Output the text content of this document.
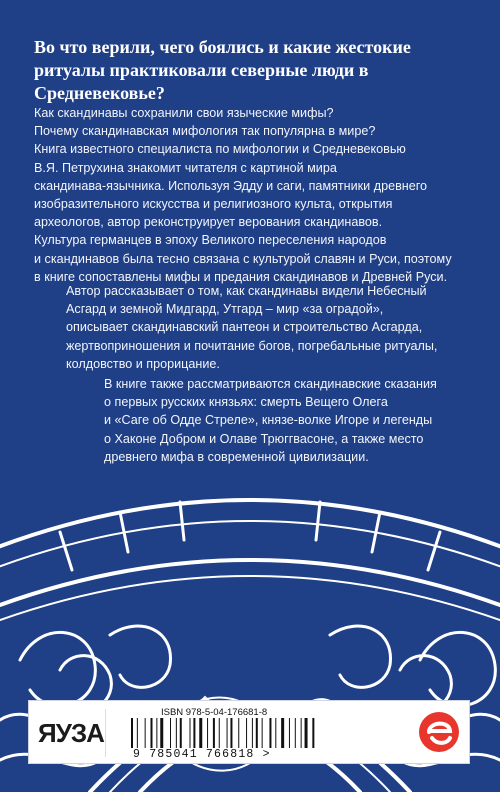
Во что верили, чего боялись и какие жестокие ритуалы практиковали северные люди в Средневековье?

Как скандинавы сохранили свои языческие мифы?
Почему скандинавская мифология так популярна в мире?
Книга известного специалиста по мифологии и Средневековью
В.Я. Петрухина знакомит читателя с картиной мира
скандинава-язычника. Используя Эдду и саги, памятники древнего
изобразительного искусства и религиозного культа, открытия
археологов, автор реконструирует верования скандинавов.
Культура германцев в эпоху Великого переселения народов
и скандинавов была тесно связана с культурой славян и Руси, поэтому
в книге сопоставлены мифы и предания скандинавов и Древней Руси.

Автор рассказывает о том, как скандинавы видели Небесный
Асгард и земной Мидгард, Утгард – мир «за оградой»,
описывает скандинавский пантеон и строительство Асгарда,
жертвоприношения и почитание богов, погребальные ритуалы,
колдовство и прорицание.

В книге также рассматриваются скандинавские сказания
о первых русских князьях: смерть Вещего Олега
и «Саге об Одде Стреле», князе-волке Игоре и легенды
о Хаконе Добром и Олаве Трюггвасоне, а также место
древнего мифа в современной цивилизации.

ЯУЗА
ISBN 978-5-04-176681-8
9 785041 766818 >
